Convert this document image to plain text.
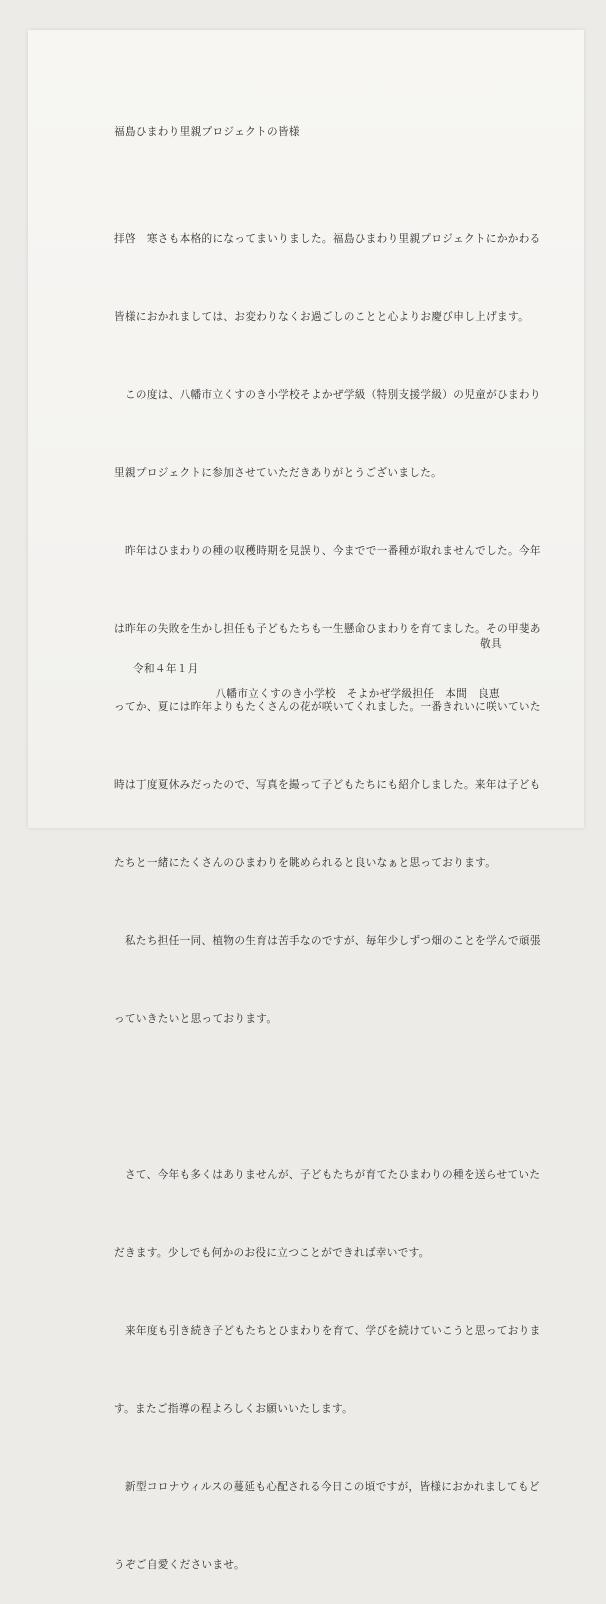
福島ひまわり里親プロジェクトの皆様

拝啓　寒さも本格的になってまいりました。福島ひまわり里親プロジェクトにかかわる

皆様におかれましては、お変わりなくお過ごしのことと心よりお慶び申し上げます。

　この度は、八幡市立くすのき小学校そよかぜ学級（特別支援学級）の児童がひまわり

里親プロジェクトに参加させていただきありがとうございました。

　昨年はひまわりの種の収穫時期を見誤り、今までで一番種が取れませんでした。今年

は昨年の失敗を生かし担任も子どもたちも一生懸命ひまわりを育てました。その甲斐あ

ってか、夏には昨年よりもたくさんの花が咲いてくれました。一番きれいに咲いていた

時は丁度夏休みだったので、写真を撮って子どもたちにも紹介しました。来年は子ども

たちと一緒にたくさんのひまわりを眺められると良いなぁと思っております。

　私たち担任一同、植物の生育は苦手なのですが、毎年少しずつ畑のことを学んで頑張

っていきたいと思っております。

　さて、今年も多くはありませんが、子どもたちが育てたひまわりの種を送らせていた

だきます。少しでも何かのお役に立つことができれば幸いです。

　来年度も引き続き子どもたちとひまわりを育て、学びを続けていこうと思っておりま

す。またご指導の程よろしくお願いいたします。

　新型コロナウィルスの蔓延も心配される今日この頃ですが，皆様におかれましてもど

うぞご自愛くださいませ。

敬具
令和４年１月
八幡市立くすのき小学校　そよかぜ学級担任　本間　良恵
